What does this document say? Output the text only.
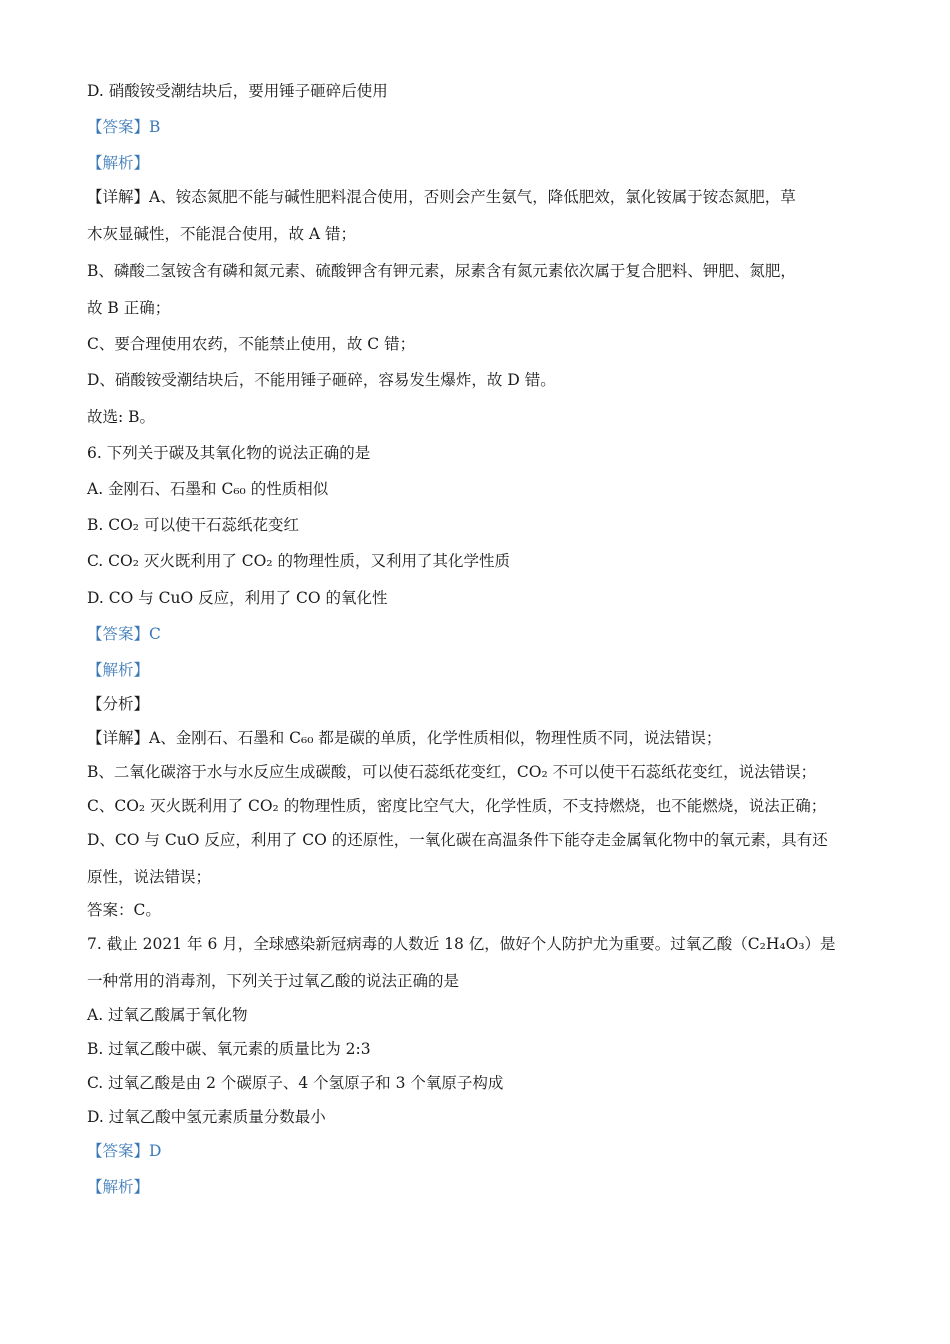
D. 硝酸铵受潮结块后，要用锤子砸碎后使用
【答案】B
【解析】
【详解】A、铵态氮肥不能与碱性肥料混合使用，否则会产生氨气，降低肥效，氯化铵属于铵态氮肥，草
木灰显碱性，不能混合使用，故 A 错；
B、磷酸二氢铵含有磷和氮元素、硫酸钾含有钾元素，尿素含有氮元素依次属于复合肥料、钾肥、氮肥，
故 B 正确；
C、要合理使用农药，不能禁止使用，故 C 错；
D、硝酸铵受潮结块后，不能用锤子砸碎，容易发生爆炸，故 D 错。
故选: B。
6. 下列关于碳及其氧化物的说法正确的是
A. 金刚石、石墨和 C₆₀ 的性质相似
B. CO₂ 可以使干石蕊纸花变红
C. CO₂ 灭火既利用了 CO₂ 的物理性质，又利用了其化学性质
D. CO 与 CuO 反应，利用了 CO 的氧化性
【答案】C
【解析】
【分析】
【详解】A、金刚石、石墨和 C₆₀ 都是碳的单质，化学性质相似，物理性质不同，说法错误；
B、二氧化碳溶于水与水反应生成碳酸，可以使石蕊纸花变红，CO₂ 不可以使干石蕊纸花变红，说法错误；
C、CO₂ 灭火既利用了 CO₂ 的物理性质，密度比空气大，化学性质，不支持燃烧，也不能燃烧，说法正确；
D、CO 与 CuO 反应，利用了 CO 的还原性，一氧化碳在高温条件下能夺走金属氧化物中的氧元素，具有还
原性，说法错误；
答案：C。
7. 截止 2021 年 6 月，全球感染新冠病毒的人数近 18 亿，做好个人防护尤为重要。过氧乙酸（C₂H₄O₃）是
一种常用的消毒剂，下列关于过氧乙酸的说法正确的是
A. 过氧乙酸属于氧化物
B. 过氧乙酸中碳、氧元素的质量比为 2:3
C. 过氧乙酸是由 2 个碳原子、4 个氢原子和 3 个氧原子构成
D. 过氧乙酸中氢元素质量分数最小
【答案】D
【解析】
